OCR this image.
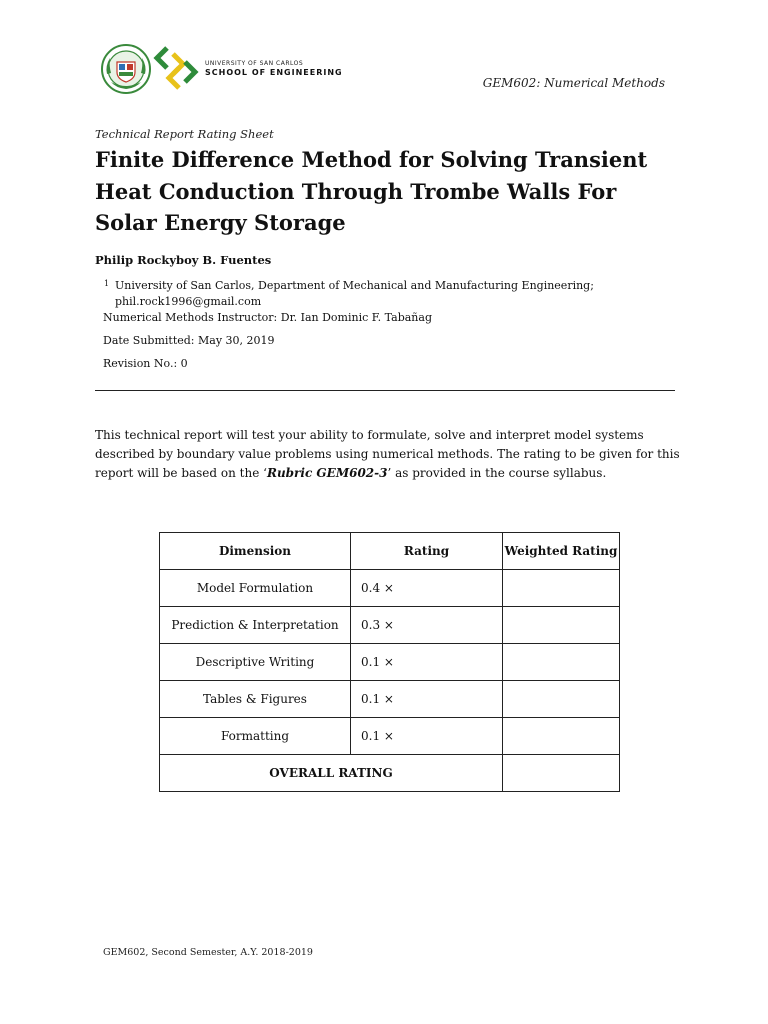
UNIVERSITY OF SAN CARLOS
SCHOOL OF ENGINEERING
GEM602: Numerical Methods
Technical Report Rating Sheet
Finite Difference Method for Solving Transient Heat Conduction Through Trombe Walls For Solar Energy Storage
Philip Rockyboy B. Fuentes
1 University of San Carlos, Department of Mechanical and Manufacturing Engineering;
phil.rock1996@gmail.com
Numerical Methods Instructor: Dr. Ian Dominic F. Tabañag
Date Submitted: May 30, 2019
Revision No.: 0
This technical report will test your ability to formulate, solve and interpret model systems described by boundary value problems using numerical methods. The rating to be given for this report will be based on the ‘Rubric GEM602-3’ as provided in the course syllabus.
Dimension	Rating	Weighted Rating
Model Formulation	0.4 ×	
Prediction & Interpretation	0.3 ×	
Descriptive Writing	0.1 ×	
Tables & Figures	0.1 ×	
Formatting	0.1 ×	
OVERALL RATING		
GEM602, Second Semester, A.Y. 2018-2019
